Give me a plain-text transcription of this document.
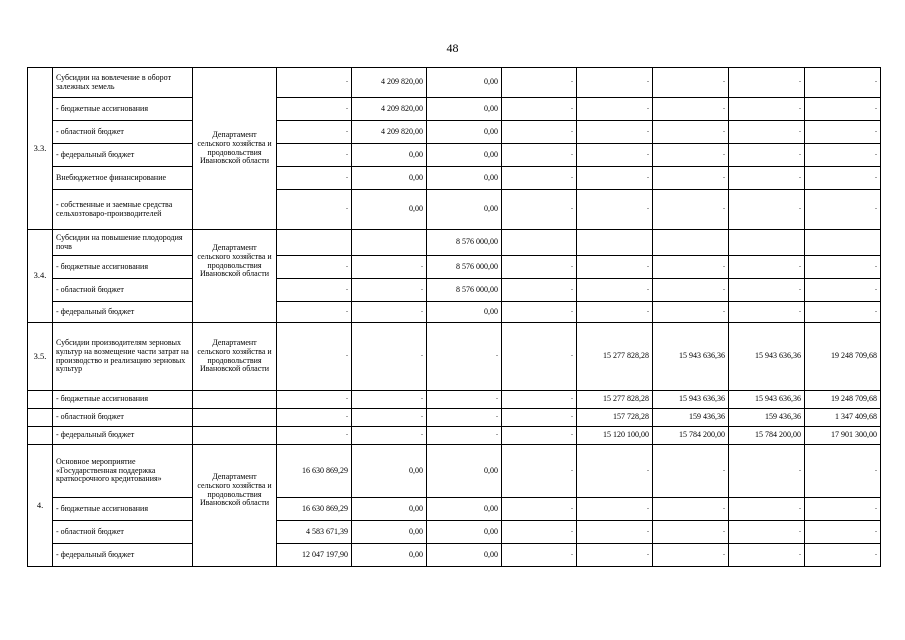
48
3.3.	Субсидии на вовлечение в оборот залежных земель	Департамент сельского хозяйства и продовольствия Ивановской области	-	4 209 820,00	0,00	-	-	-	-	-
	- бюджетные ассигнования		-	4 209 820,00	0,00	-	-	-	-	-
	- областной бюджет		-	4 209 820,00	0,00	-	-	-	-	-
	- федеральный бюджет		-	0,00	0,00	-	-	-	-	-
	Внебюджетное финансирование		-	0,00	0,00	-	-	-	-	-
	- собственные и заемные средства сельхозтоваро-производителей		-	0,00	0,00	-	-	-	-	-
3.4.	Субсидии на повышение плодородия почв	Департамент сельского хозяйства и продовольствия Ивановской области			8 576 000,00					
	- бюджетные ассигнования		-	-	8 576 000,00	-	-	-	-	-
	- областной бюджет		-	-	8 576 000,00	-	-	-	-	-
	- федеральный бюджет		-	-	0,00	-	-	-	-	-
3.5.	Субсидии производителям зерновых культур на возмещение части затрат на производство и реализацию зерновых культур	Департамент сельского хозяйства и продовольствия Ивановской области	-	-	-	-	15 277 828,28	15 943 636,36	15 943 636,36	19 248 709,68
	- бюджетные ассигнования		-	-	-	-	15 277 828,28	15 943 636,36	15 943 636,36	19 248 709,68
	- областной бюджет		-	-	-	-	157 728,28	159 436,36	159 436,36	1 347 409,68
	- федеральный бюджет		-	-	-	-	15 120 100,00	15 784 200,00	15 784 200,00	17 901 300,00
4.	Основное мероприятие «Государственная поддержка краткосрочного кредитования»	Департамент сельского хозяйства и продовольствия Ивановской области	16 630 869,29	0,00	0,00	-	-	-	-	-
	- бюджетные ассигнования		16 630 869,29	0,00	0,00	-	-	-	-	-
	- областной бюджет		4 583 671,39	0,00	0,00	-	-	-	-	-
	- федеральный бюджет		12 047 197,90	0,00	0,00	-	-	-	-	-
